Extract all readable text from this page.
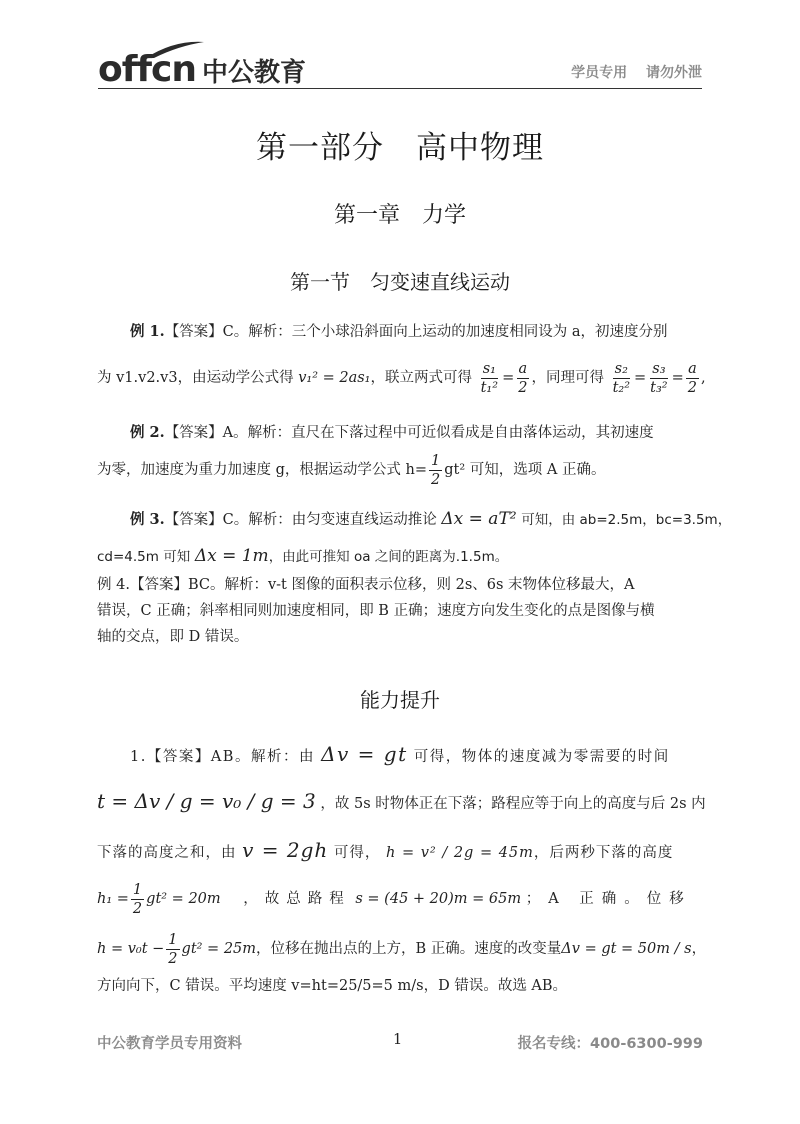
offcn 中公教育	学员专用 请勿外泄
第一部分　高中物理
第一章　力学
第一节　匀变速直线运动
例 1.【答案】C。解析：三个小球沿斜面向上运动的加速度相同设为 a，初速度分别
为 v1.v2.v3，由运动学公式得 v₁² = 2as₁，联立两式可得 $\frac{\text{s₁}}{\text{t₁²}} = \frac{a}{2}$ ，同理可得 $\frac{\text{s₂}}{\text{t₂²}} = \frac{\text{s₃}}{\text{t₃²}} = \frac{a}{2}$ ,
例 2.【答案】A。解析：直尺在下落过程中可近似看成是自由落体运动，其初速度
为零，加速度为重力加速度 g，根据运动学公式 $h= \frac{1}{2} gt^2$ 可知，选项 A 正确。
例 3.【答案】C。解析：由匀变速直线运动推论 Δx = aT² 可知，由 ab=2.5m，bc=3.5m，
cd=4.5m 可知 Δx = 1m，由此可推知 oa 之间的距离为.1.5m。
例 4.【答案】BC。解析：v-t 图像的面积表示位移，则 2s、6s 末物体位移最大，A
错误，C 正确；斜率相同则加速度相同，即 B 正确；速度方向发生变化的点是图像与横
轴的交点，即 D 错误。
能力提升
1.【答案】AB。解析：由 Δv = gt 可得，物体的速度减为零需要的时间
t = Δv / g = v₀ / g = 3 ，故 5s 时物体正在下落；路程应等于向上的高度与后 2s 内
下落的高度之和，由 v = 2gh 可得， h = v² / 2g = 45m，后两秒下落的高度
$h_1 = \frac{1}{2} gt^2 = 20m$ ，故总路程 s = (45 + 20)m = 65m ；A 正确。位移
$h = v_0t - \frac{1}{2} gt^2 = 25m$，位移在抛出点的上方，B 正确。速度的改变量Δv = gt = 50m / s，
方向向下，C 错误。平均速度 v=ht=25/5=5 m/s，D 错误。故选 AB。
中公教育学员专用资料	1	报名专线：400-6300-999
